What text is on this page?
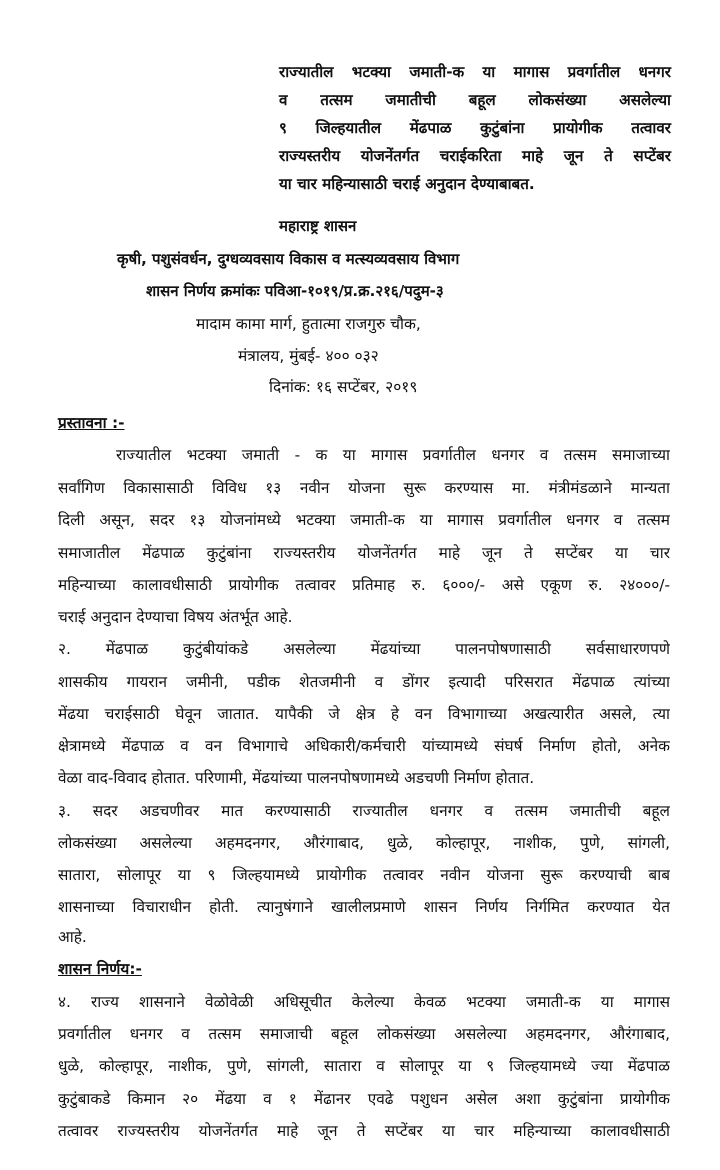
राज्यातील भटक्या जमाती-क या मागास प्रवर्गातील धनगर
व तत्सम जमातीची बहूल लोकसंख्या असलेल्या
९ जिल्हयातील मेंढपाळ कुटुंबांना प्रायोगीक तत्वावर
राज्यस्तरीय योजनेंतर्गत चराईकरिता माहे जून ते सप्टेंबर
या चार महिन्यासाठी चराई अनुदान देण्याबाबत.
महाराष्ट्र शासन
कृषी, पशुसंवर्धन, दुग्धव्यवसाय विकास व मत्स्यव्यवसाय विभाग
शासन निर्णय क्रमांकः पविआ-१०१९/प्र.क्र.२१६/पदुम-३
मादाम कामा मार्ग, हुतात्मा राजगुरु चौक,
मंत्रालय, मुंबई- ४०० ०३२
दिनांक: १६ सप्टेंबर, २०१९
प्रस्तावना :-
राज्यातील भटक्या जमाती - क या मागास प्रवर्गातील धनगर व तत्सम समाजाच्या
सर्वांगिण विकासासाठी विविध १३ नवीन योजना सुरू करण्यास मा. मंत्रीमंडळाने मान्यता
दिली असून, सदर १३ योजनांमध्ये भटक्या जमाती-क या मागास प्रवर्गातील धनगर व तत्सम
समाजातील मेंढपाळ कुटुंबांना राज्यस्तरीय योजनेंतर्गत माहे जून ते सप्टेंबर या चार
महिन्याच्या कालावधीसाठी प्रायोगीक तत्वावर प्रतिमाह रु. ६०००/- असे एकूण रु. २४०००/-
चराई अनुदान देण्याचा विषय अंतर्भूत आहे.
२. मेंढपाळ कुटुंबीयांकडे असलेल्या मेंढयांच्या पालनपोषणासाठी सर्वसाधारणपणे
शासकीय गायरान जमीनी, पडीक शेतजमीनी व डोंगर इत्यादी परिसरात मेंढपाळ त्यांच्या
मेंढया चराईसाठी घेवून जातात. यापैकी जे क्षेत्र हे वन विभागाच्या अखत्यारीत असले, त्या
क्षेत्रामध्ये मेंढपाळ व वन विभागाचे अधिकारी/कर्मचारी यांच्यामध्ये संघर्ष निर्माण होतो, अनेक
वेळा वाद-विवाद होतात. परिणामी, मेंढयांच्या पालनपोषणामध्ये अडचणी निर्माण होतात.
३. सदर अडचणीवर मात करण्यासाठी राज्यातील धनगर व तत्सम जमातीची बहूल
लोकसंख्या असलेल्या अहमदनगर, औरंगाबाद, धुळे, कोल्हापूर, नाशीक, पुणे, सांगली,
सातारा, सोलापूर या ९ जिल्हयामध्ये प्रायोगीक तत्वावर नवीन योजना सुरू करण्याची बाब
शासनाच्या विचाराधीन होती. त्यानुषंगाने खालीलप्रमाणे शासन निर्णय निर्गमित करण्यात येत
आहे.
शासन निर्णय:-
४. राज्य शासनाने वेळोवेळी अधिसूचीत केलेल्या केवळ भटक्या जमाती-क या मागास
प्रवर्गातील धनगर व तत्सम समाजाची बहूल लोकसंख्या असलेल्या अहमदनगर, औरंगाबाद,
धुळे, कोल्हापूर, नाशीक, पुणे, सांगली, सातारा व सोलापूर या ९ जिल्हयामध्ये ज्या मेंढपाळ
कुटुंबाकडे किमान २० मेंढया व १ मेंढानर एवढे पशुधन असेल अशा कुटुंबांना प्रायोगीक
तत्वावर राज्यस्तरीय योजनेंतर्गत माहे जून ते सप्टेंबर या चार महिन्याच्या कालावधीसाठी
